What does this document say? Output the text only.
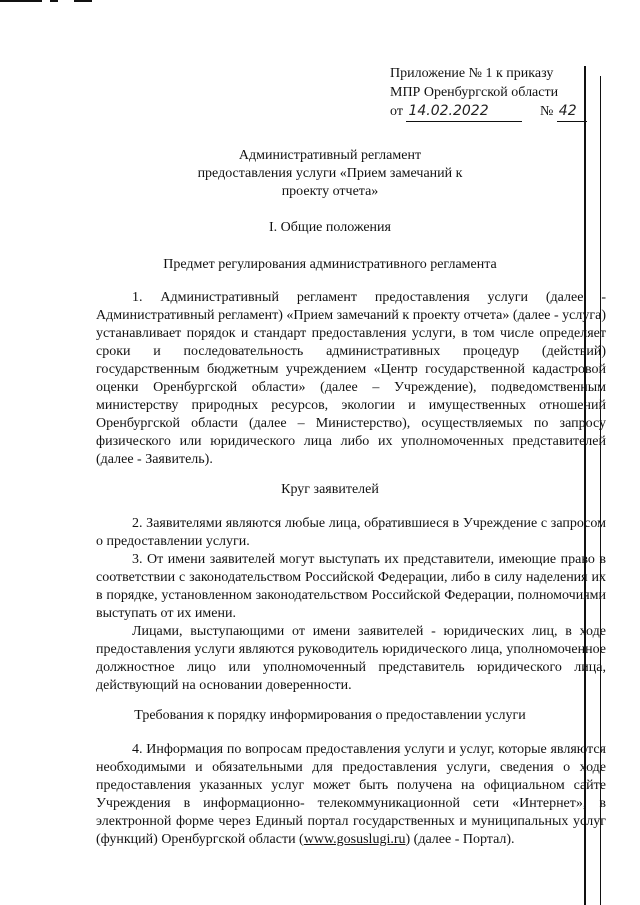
Приложение № 1 к приказу
МПР Оренбургской области
от 14.02.2022	№ 42
Административный регламент
предоставления услуги «Прием замечаний к
проекту отчета»
I. Общие положения
Предмет регулирования административного регламента
1. Административный регламент предоставления услуги (далее - Административный регламент) «Прием замечаний к проекту отчета» (далее - услуга) устанавливает порядок и стандарт предоставления услуги, в том числе определяет сроки и последовательность административных процедур (действий) государственным бюджетным учреждением «Центр государственной кадастровой оценки Оренбургской области» (далее – Учреждение), подведомственным министерству природных ресурсов, экологии и имущественных отношений Оренбургской области (далее – Министерство), осуществляемых по запросу физического или юридического лица либо их уполномоченных представителей (далее - Заявитель).
Круг заявителей
2. Заявителями являются любые лица, обратившиеся в Учреждение с запросом о предоставлении услуги.
3. От имени заявителей могут выступать их представители, имеющие право в соответствии с законодательством Российской Федерации, либо в силу наделения их в порядке, установленном законодательством Российской Федерации, полномочиями выступать от их имени.
Лицами, выступающими от имени заявителей - юридических лиц, в ходе предоставления услуги являются руководитель юридического лица, уполномоченное должностное лицо или уполномоченный представитель юридического лица, действующий на основании доверенности.
Требования к порядку информирования о предоставлении услуги
4. Информация по вопросам предоставления услуги и услуг, которые являются необходимыми и обязательными для предоставления услуги, сведения о ходе предоставления указанных услуг может быть получена на официальном сайте Учреждения в информационно- телекоммуникационной сети «Интернет», в электронной форме через Единый портал государственных и муниципальных услуг (функций) Оренбургской области (www.gosuslugi.ru) (далее - Портал).
